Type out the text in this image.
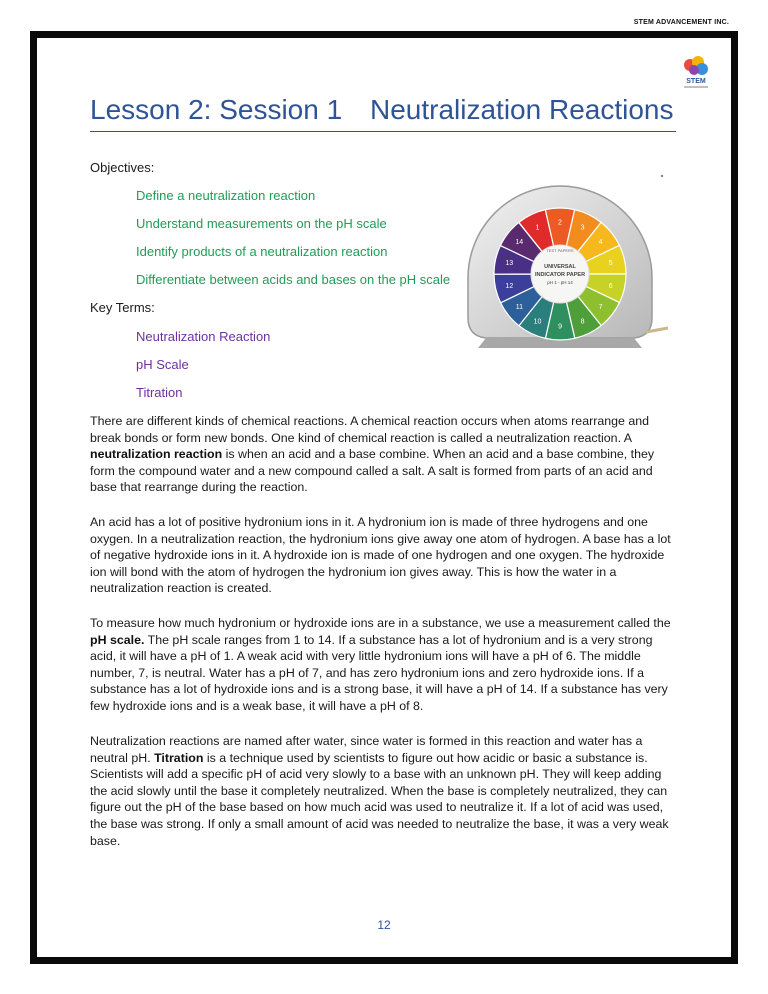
STEM ADVANCEMENT INC.
STEM
Lesson 2: Session 1 Neutralization Reactions
Objectives:
Define a neutralization reaction
Understand measurements on the pH scale
Identify products of a neutralization reaction
Differentiate between acids and bases on the pH scale
Key Terms:
Neutralization Reaction
pH Scale
Titration
1
2
3
4
5
6
7
8
9
10
11
12
13
14
TEST PAPERS
UNIVERSAL
INDICATOR PAPER
pH 1 - pH 14

There are different kinds of chemical reactions. A chemical reaction occurs when atoms rearrange and break bonds or form new bonds. One kind of chemical reaction is called a neutralization reaction. A neutralization reaction is when an acid and a base combine. When an acid and a base combine, they form the compound water and a new compound called a salt. A salt is formed from parts of an acid and base that rearrange during the reaction.

An acid has a lot of positive hydronium ions in it. A hydronium ion is made of three hydrogens and one oxygen. In a neutralization reaction, the hydronium ions give away one atom of hydrogen. A base has a lot of negative hydroxide ions in it. A hydroxide ion is made of one hydrogen and one oxygen. The hydroxide ion will bond with the atom of hydrogen the hydronium ion gives away. This is how the water in a neutralization reaction is created.

To measure how much hydronium or hydroxide ions are in a substance, we use a measurement called the pH scale. The pH scale ranges from 1 to 14. If a substance has a lot of hydronium and is a very strong acid, it will have a pH of 1. A weak acid with very little hydronium ions will have a pH of 6. The middle number, 7, is neutral. Water has a pH of 7, and has zero hydronium ions and zero hydroxide ions. If a substance has a lot of hydroxide ions and is a strong base, it will have a pH of 14. If a substance has very few hydroxide ions and is a weak base, it will have a pH of 8.

Neutralization reactions are named after water, since water is formed in this reaction and water has a neutral pH. Titration is a technique used by scientists to figure out how acidic or basic a substance is. Scientists will add a specific pH of acid very slowly to a base with an unknown pH. They will keep adding the acid slowly until the base it completely neutralized. When the base is completely neutralized, they can figure out the pH of the base based on how much acid was used to neutralize it. If a lot of acid was used, the base was strong. If only a small amount of acid was needed to neutralize the base, it was a very weak base.

12
